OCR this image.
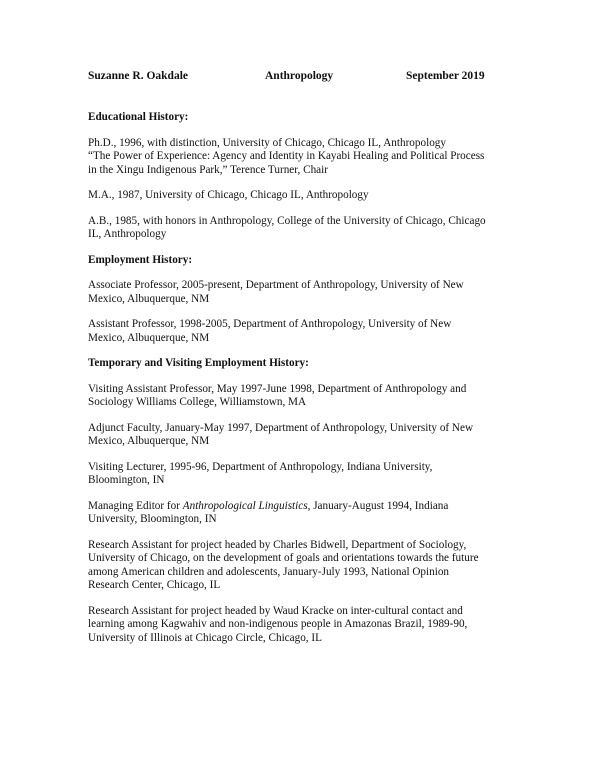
Suzanne R. Oakdale	Anthropology	September 2019
Educational History:
Ph.D., 1996, with distinction, University of Chicago, Chicago IL, Anthropology
“The Power of Experience: Agency and Identity in Kayabi Healing and Political Process
in the Xingu Indigenous Park,” Terence Turner, Chair
M.A., 1987, University of Chicago, Chicago IL, Anthropology
A.B., 1985, with honors in Anthropology, College of the University of Chicago, Chicago
IL, Anthropology
Employment History:
Associate Professor, 2005-present, Department of Anthropology, University of New
Mexico, Albuquerque, NM
Assistant Professor, 1998-2005, Department of Anthropology, University of New
Mexico, Albuquerque, NM
Temporary and Visiting Employment History:
Visiting Assistant Professor, May 1997-June 1998, Department of Anthropology and
Sociology Williams College, Williamstown, MA
Adjunct Faculty, January-May 1997, Department of Anthropology, University of New
Mexico, Albuquerque, NM
Visiting Lecturer, 1995-96, Department of Anthropology, Indiana University,
Bloomington, IN
Managing Editor for Anthropological Linguistics, January-August 1994, Indiana
University, Bloomington, IN
Research Assistant for project headed by Charles Bidwell, Department of Sociology,
University of Chicago, on the development of goals and orientations towards the future
among American children and adolescents, January-July 1993, National Opinion
Research Center, Chicago, IL
Research Assistant for project headed by Waud Kracke on inter-cultural contact and
learning among Kagwahiv and non-indigenous people in Amazonas Brazil, 1989-90,
University of Illinois at Chicago Circle, Chicago, IL
